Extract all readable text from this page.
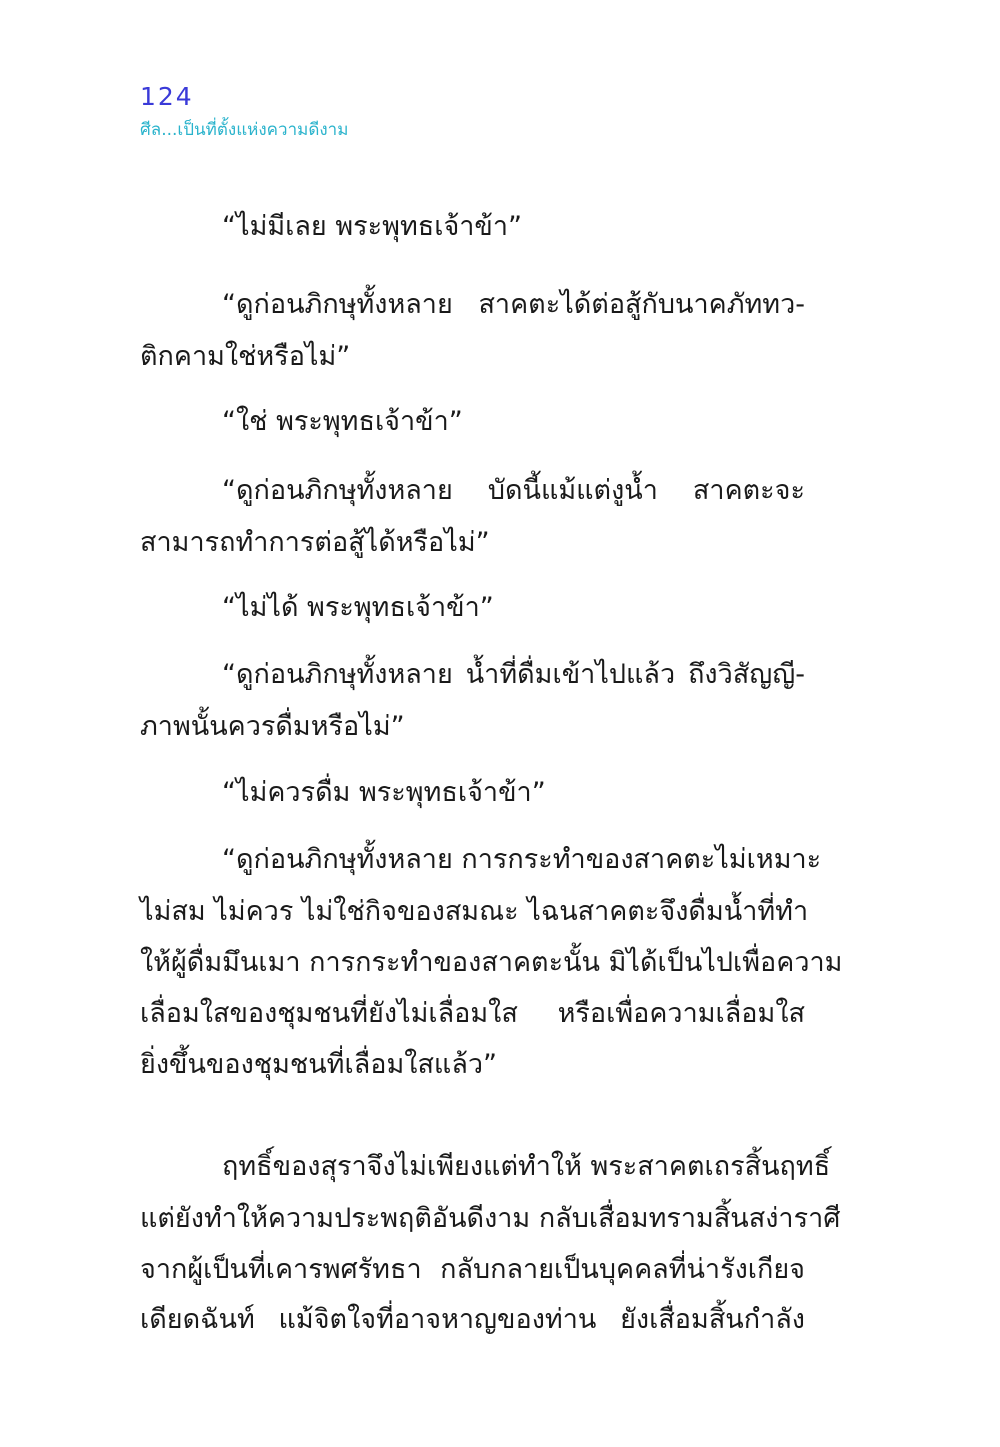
124
ศีล...เป็นที่ตั้งแห่งความดีงาม
“ไม่มีเลย พระพุทธเจ้าข้า”
“ดูก่อนภิกษุทั้งหลาย สาคตะได้ต่อสู้กับนาคภัททว-
ติกคามใช่หรือไม่”
“ใช่ พระพุทธเจ้าข้า”
“ดูก่อนภิกษุทั้งหลาย บัดนี้แม้แต่งูน้ำ สาคตะจะ
สามารถทำการต่อสู้ได้หรือไม่”
“ไม่ได้ พระพุทธเจ้าข้า”
“ดูก่อนภิกษุทั้งหลาย น้ำที่ดื่มเข้าไปแล้ว ถึงวิสัญญี-
ภาพนั้นควรดื่มหรือไม่”
“ไม่ควรดื่ม พระพุทธเจ้าข้า”
“ดูก่อนภิกษุทั้งหลาย การกระทำของสาคตะไม่เหมาะ
ไม่สม ไม่ควร ไม่ใช่กิจของสมณะ ไฉนสาคตะจึงดื่มน้ำที่ทำ
ให้ผู้ดื่มมึนเมา การกระทำของสาคตะนั้น มิได้เป็นไปเพื่อความ
เลื่อมใสของชุมชนที่ยังไม่เลื่อมใส หรือเพื่อความเลื่อมใส
ยิ่งขึ้นของชุมชนที่เลื่อมใสแล้ว”
ฤทธิ์ของสุราจึงไม่เพียงแต่ทำให้ พระสาคตเถรสิ้นฤทธิ์
แต่ยังทำให้ความประพฤติอันดีงาม กลับเสื่อมทรามสิ้นสง่าราศี
จากผู้เป็นที่เคารพศรัทธา กลับกลายเป็นบุคคลที่น่ารังเกียจ
เดียดฉันท์ แม้จิตใจที่อาจหาญของท่าน ยังเสื่อมสิ้นกำลัง
